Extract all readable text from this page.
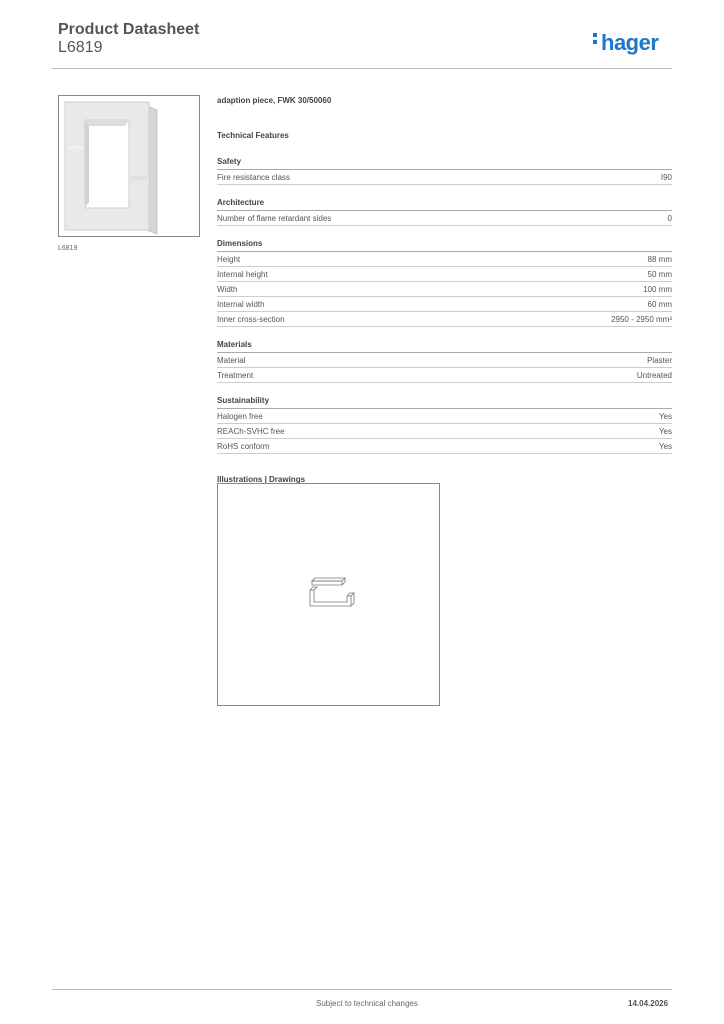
Product Datasheet
L6819	hager
L6819
adaption piece, FWK 30/50060
Technical Features
Safety
Fire resistance class	I90
Architecture
Number of flame retardant sides	0
Dimensions
Height	88 mm
Internal height	50 mm
Width	100 mm
Internal width	60 mm
Inner cross-section	2950 - 2950 mm²
Materials
Material	Plaster
Treatment	Untreated
Sustainability
Halogen free	Yes
REACh-SVHC free	Yes
RoHS conform	Yes
Illustrations | Drawings
Subject to technical changes	14.04.2026
